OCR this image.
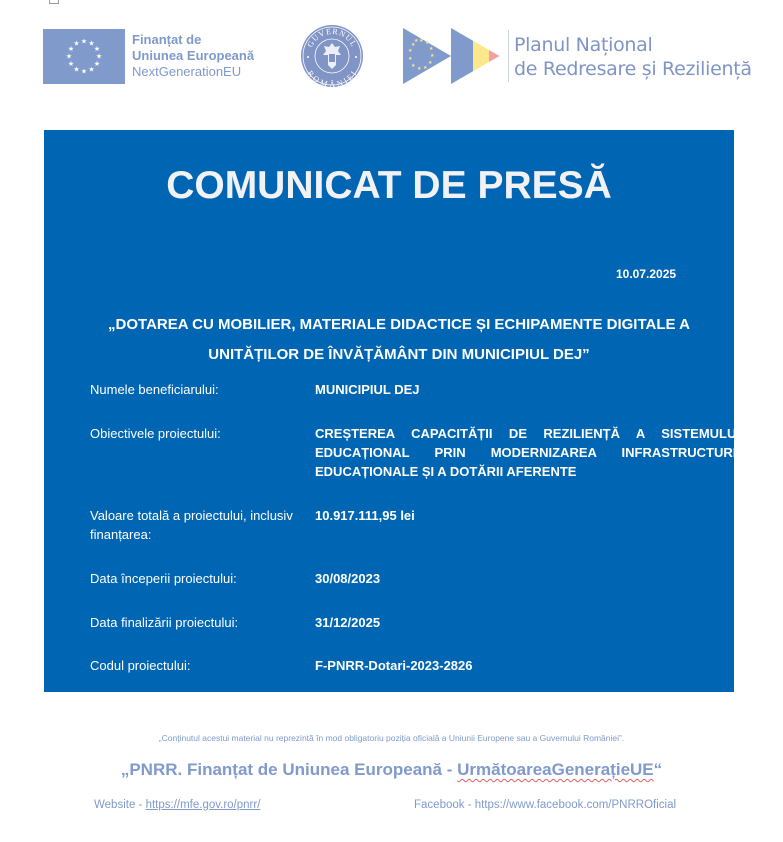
★ ★
★
★
★
★
★
★
★
★
★
★	Finanțat de
Uniunea Europeană
NextGenerationEU
GUVERNUL
ROMÂNIEI
★ ★
★
★
★
★
★
★
★
★
★
★	Planul Național
de Redresare și Reziliență
COMUNICAT DE PRESĂ
10.07.2025
„DOTAREA CU MOBILIER, MATERIALE DIDACTICE ȘI ECHIPAMENTE DIGITALE A
UNITĂȚILOR DE ÎNVĂȚĂMÂNT DIN MUNICIPIUL DEJ”
Numele beneficiarului:	MUNICIPIUL DEJ
Obiectivele proiectului:	CREȘTEREA CAPACITĂȚII DE REZILIENȚĂ A SISTEMULUI EDUCAȚIONAL PRIN MODERNIZAREA INFRASTRUCTURII EDUCAȚIONALE ȘI A DOTĂRII AFERENTE
Valoare totală a proiectului, inclusiv finanțarea:
10.917.111,95 lei
Data începerii proiectului:	30/08/2023
Data finalizării proiectului:	31/12/2025
Codul proiectului:	F-PNRR-Dotari-2023-2826
„Conținutul acestui material nu reprezintă în mod obligatoriu poziția oficială a Uniunii Europene sau a Guvernului României”.
„PNRR. Finanțat de Uniunea Europeană - UrmătoareaGenerațieUE“
Website - https://mfe.gov.ro/pnrr/	Facebook - https://www.facebook.com/PNRROficial
